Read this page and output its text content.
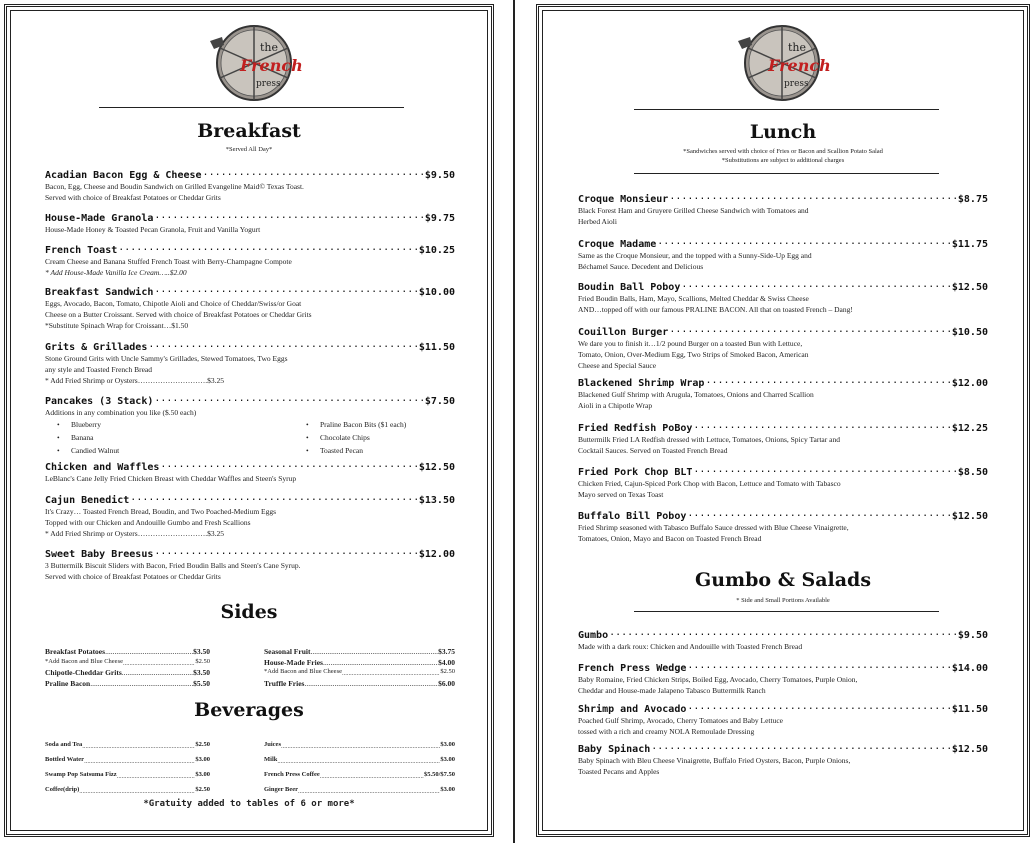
the
French
press
Breakfast
*Served All Day*
Acadian Bacon Egg & Cheese .....	$9.50
Bacon, Egg, Cheese and Boudin Sandwich on Grilled Evangeline Maid© Texas Toast.
Served with choice of Breakfast Potatoes or Cheddar Grits
House-Made Granola .....	$9.75
House-Made Honey & Toasted Pecan Granola, Fruit and Vanilla Yogurt
French Toast .....	$10.25
Cream Cheese and Banana Stuffed French Toast with Berry-Champagne Compote
* Add House-Made Vanilla Ice Cream…..$2.00
Breakfast Sandwich .....	$10.00
Eggs, Avocado, Bacon, Tomato, Chipotle Aioli and Choice of Cheddar/Swiss/or Goat
Cheese on a Butter Croissant. Served with choice of Breakfast Potatoes or Cheddar Grits
*Substitute Spinach Wrap for Croissant…$1.50
Grits & Grillades .....	$11.50
Stone Ground Grits with Uncle Sammy's Grillades, Stewed Tomatoes, Two Eggs
any style and Toasted French Bread
* Add Fried Shrimp or Oysters……………………….$3.25
Pancakes (3 Stack) .....	$7.50
Additions in any combination you like ($.50 each)
Chicken and Waffles .....	$12.50
LeBlanc's Cane Jelly Fried Chicken Breast with Cheddar Waffles and Steen's Syrup
Cajun Benedict .....	$13.50
It's Crazy… Toasted French Bread, Boudin, and Two Poached-Medium Eggs
Topped with our Chicken and Andouille Gumbo and Fresh Scallions
* Add Fried Shrimp or Oysters……………………….$3.25
Sweet Baby Breesus .....	$12.00
3 Buttermilk Biscuit Sliders with Bacon, Fried Boudin Balls and Steen's Cane Syrup.
Served with choice of Breakfast Potatoes or Cheddar Grits
• Blueberry
• Banana
• Candied Walnut
• Praline Bacon Bits ($1 each)
• Chocolate Chips
• Toasted Pecan
Sides
Breakfast Potatoes .....	$3.50
*Add Bacon and Blue Cheese .....	$2.50
Chipotle-Cheddar Grits .....	$3.50
Praline Bacon .....	$5.50
Seasonal Fruit .....	$3.75
House-Made Fries .....	$4.00
*Add Bacon and Blue Cheese .....	$2.50
Truffle Fries .....	$6.00
Beverages
Soda and Tea .....	$2.50
Bottled Water .....	$3.00
Swamp Pop Satsuma Fizz .....	$3.00
Coffee(drip) .....	$2.50
Juices .....	$3.00
Milk .....	$3.00
French Press Coffee .....	$5.50/$7.50
Ginger Beer .....	$3.00
*Gratuity added to tables of 6 or more*
the
French
press
Lunch
*Sandwiches served with choice of Fries or Bacon and Scallion Potato Salad
*Substitutions are subject to additional charges
Croque Monsieur .....	$8.75
Black Forest Ham and Gruyere Grilled Cheese Sandwich with Tomatoes and
Herbed Aioli
Croque Madame .....	$11.75
Same as the Croque Monsieur, and the topped with a Sunny-Side-Up Egg and
Béchamel Sauce. Decedent and Delicious
Boudin Ball Poboy .....	$12.50
Fried Boudin Balls, Ham, Mayo, Scallions, Melted Cheddar & Swiss Cheese
AND…topped off with our famous PRALINE BACON. All that on toasted French – Dang!
Couillon Burger .....	$10.50
We dare you to finish it…1/2 pound Burger on a toasted Bun with Lettuce,
Tomato, Onion, Over-Medium Egg, Two Strips of Smoked Bacon, American
Cheese and Special Sauce
Blackened Shrimp Wrap .....	$12.00
Blackened Gulf Shrimp with Arugula, Tomatoes, Onions and Charred Scallion
Aioli in a Chipotle Wrap
Fried Redfish PoBoy .....	$12.25
Buttermilk Fried LA Redfish dressed with Lettuce, Tomatoes, Onions, Spicy Tartar and
Cocktail Sauces. Served on Toasted French Bread
Fried Pork Chop BLT .....	$8.50
Chicken Fried, Cajun-Spiced Pork Chop with Bacon, Lettuce and Tomato with Tabasco
Mayo served on Texas Toast
Buffalo Bill Poboy .....	$12.50
Fried Shrimp seasoned with Tabasco Buffalo Sauce dressed with Blue Cheese Vinaigrette,
Tomatoes, Onion, Mayo and Bacon on Toasted French Bread
Gumbo & Salads
* Side and Small Portions Available
Gumbo .....	$9.50
Made with a dark roux: Chicken and Andouille with Toasted French Bread
French Press Wedge .....	$14.00
Baby Romaine, Fried Chicken Strips, Boiled Egg, Avocado, Cherry Tomatoes, Purple Onion,
Cheddar and House-made Jalapeno Tabasco Buttermilk Ranch
Shrimp and Avocado .....	$11.50
Poached Gulf Shrimp, Avocado, Cherry Tomatoes and Baby Lettuce
tossed with a rich and creamy NOLA Remoulade Dressing
Baby Spinach .....	$12.50
Baby Spinach with Bleu Cheese Vinaigrette, Buffalo Fried Oysters, Bacon, Purple Onions,
Toasted Pecans and Apples
